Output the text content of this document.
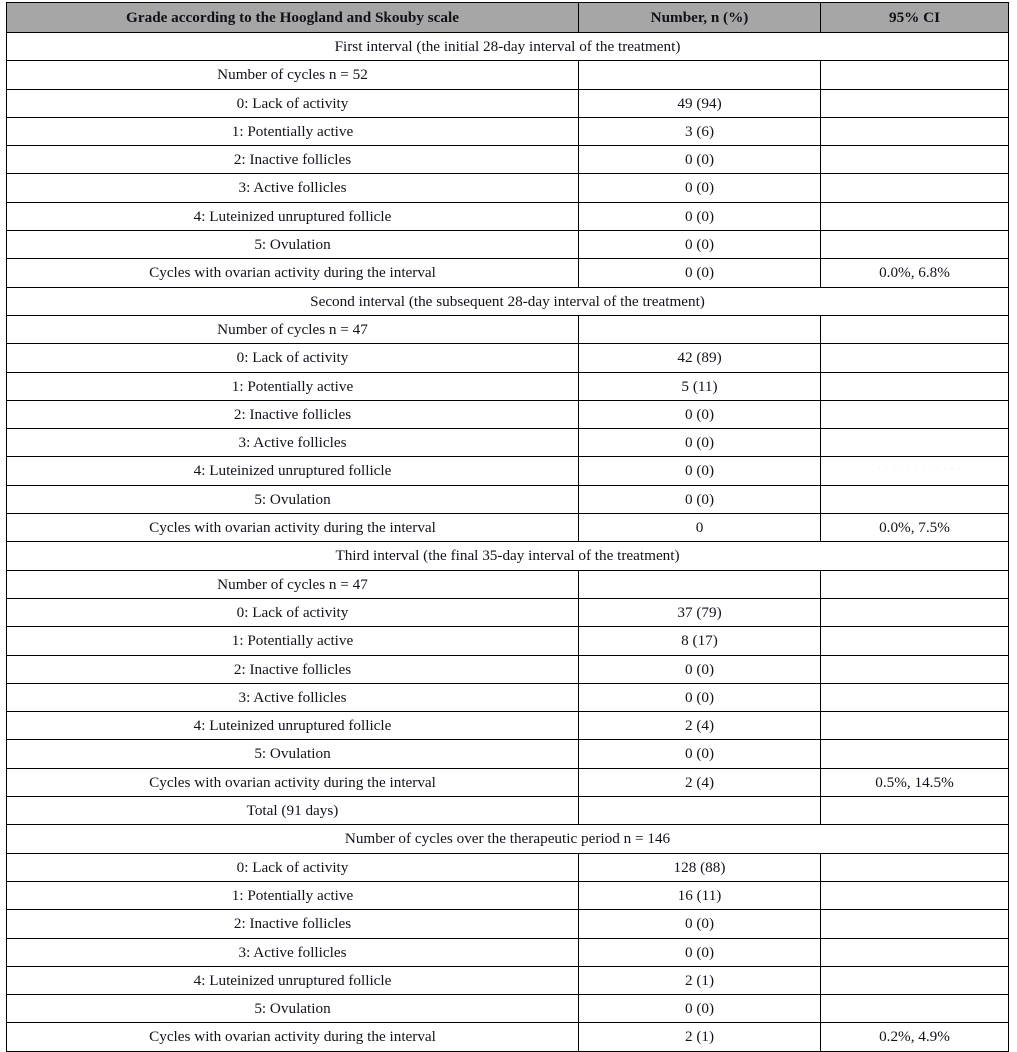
Grade according to the Hoogland and Skouby scale	Number, n (%)	95% CI
First interval (the initial 28-day interval of the treatment)		
Number of cycles n = 52		
0: Lack of activity	49 (94)	
1: Potentially active	3 (6)	
2: Inactive follicles	0 (0)	
3: Active follicles	0 (0)	
4: Luteinized unruptured follicle	0 (0)	
5: Ovulation	0 (0)	
Cycles with ovarian activity during the interval	0 (0)	0.0%, 6.8%
Second interval (the subsequent 28-day interval of the treatment)		
Number of cycles n = 47		
0: Lack of activity	42 (89)	
1: Potentially active	5 (11)	
2: Inactive follicles	0 (0)	
3: Active follicles	0 (0)	
4: Luteinized unruptured follicle	0 (0)	
5: Ovulation	0 (0)	
Cycles with ovarian activity during the interval	0	0.0%, 7.5%
Third interval (the final 35-day interval of the treatment)		
Number of cycles n = 47		
0: Lack of activity	37 (79)	
1: Potentially active	8 (17)	
2: Inactive follicles	0 (0)	
3: Active follicles	0 (0)	
4: Luteinized unruptured follicle	2 (4)	
5: Ovulation	0 (0)	
Cycles with ovarian activity during the interval	2 (4)	0.5%, 14.5%
Total (91 days)		
Number of cycles over the therapeutic period n = 146		
0: Lack of activity	128 (88)	
1: Potentially active	16 (11)	
2: Inactive follicles	0 (0)	
3: Active follicles	0 (0)	
4: Luteinized unruptured follicle	2 (1)	
5: Ovulation	0 (0)	
Cycles with ovarian activity during the interval	2 (1)	0.2%, 4.9%
· · · · · · · · · · · ·
